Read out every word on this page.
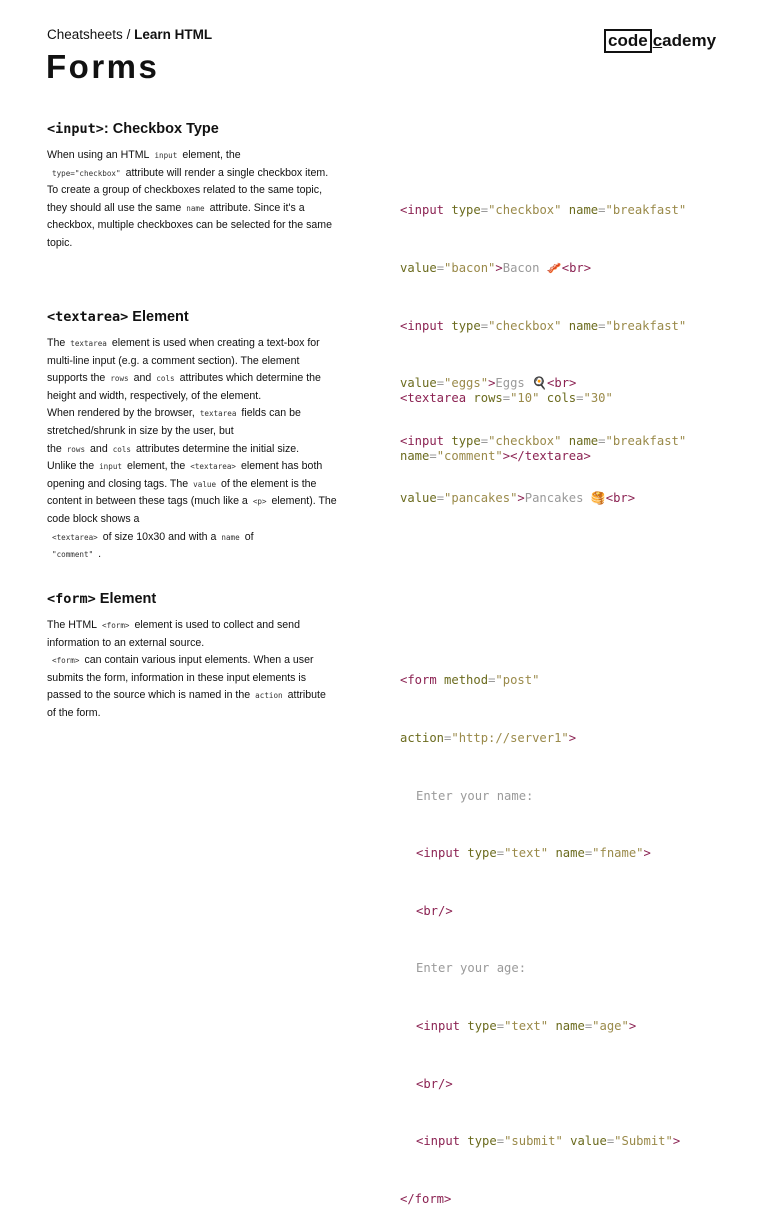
Cheatsheets / Learn HTML
Forms
code cademy
<input>: Checkbox Type

When using an HTML input element, the
type="checkbox" attribute will render a single checkbox item. To create a group of checkboxes related to the same topic, they should all use the same name attribute. Since it's a checkbox, multiple checkboxes can be selected for the same topic.

<input type="checkbox" name="breakfast"

value="bacon">Bacon 🥓<br>

<input type="checkbox" name="breakfast"

value="eggs">Eggs 🍳<br>

<input type="checkbox" name="breakfast"

value="pancakes">Pancakes 🥞<br>

<textarea> Element

The textarea element is used when creating a text-box for multi-line input (e.g. a comment section). The element supports the rows and cols attributes which determine the height and width, respectively, of the element.

When rendered by the browser, textarea fields can be stretched/shrunk in size by the user, but the rows and cols attributes determine the initial size.

Unlike the input element, the <textarea> element has both opening and closing tags. The value of the element is the content in between these tags (much like a <p> element). The code block shows a
<textarea> of size 10x30 and with a name of
"comment" .

<textarea rows="10" cols="30"

name="comment"></textarea>

<form> Element

The HTML <form> element is used to collect and send information to an external source.

<form> can contain various input elements. When a user submits the form, information in these input elements is passed to the source which is named in the action attribute of the form.

<form method="post"

action="http://server1">

Enter your name:

<input type="text" name="fname">

<br/>

Enter your age:

<input type="text" name="age">

<br/>

<input type="submit" value="Submit">

</form>
